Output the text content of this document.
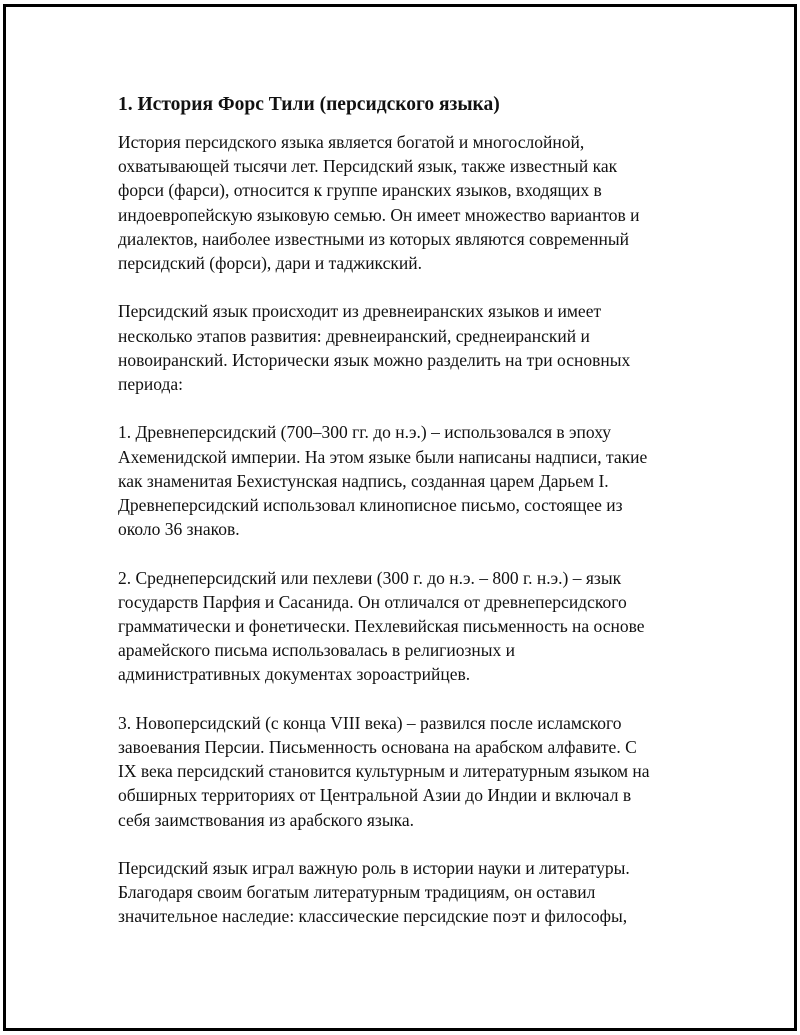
1. История Форс Тили (персидского языка)

История персидского языка является богатой и многослойной,
охватывающей тысячи лет. Персидский язык, также известный как
форси (фарси), относится к группе иранских языков, входящих в
индоевропейскую языковую семью. Он имеет множество вариантов и
диалектов, наиболее известными из которых являются современный
персидский (форси), дари и таджикский.

Персидский язык происходит из древнеиранских языков и имеет
несколько этапов развития: древнеиранский, среднеиранский и
новоиранский. Исторически язык можно разделить на три основных
периода:

1. Древнеперсидский (700–300 гг. до н.э.) – использовался в эпоху
Ахеменидской империи. На этом языке были написаны надписи, такие
как знаменитая Бехистунская надпись, созданная царем Дарьем I.
Древнеперсидский использовал клинописное письмо, состоящее из
около 36 знаков.

2. Среднеперсидский или пехлеви (300 г. до н.э. – 800 г. н.э.) – язык
государств Парфия и Сасанида. Он отличался от древнеперсидского
грамматически и фонетически. Пехлевийская письменность на основе
арамейского письма использовалась в религиозных и
административных документах зороастрийцев.

3. Новоперсидский (с конца VIII века) – развился после исламского
завоевания Персии. Письменность основана на арабском алфавите. С
IX века персидский становится культурным и литературным языком на
обширных территориях от Центральной Азии до Индии и включал в
себя заимствования из арабского языка.

Персидский язык играл важную роль в истории науки и литературы.
Благодаря своим богатым литературным традициям, он оставил
значительное наследие: классические персидские поэт и философы,
